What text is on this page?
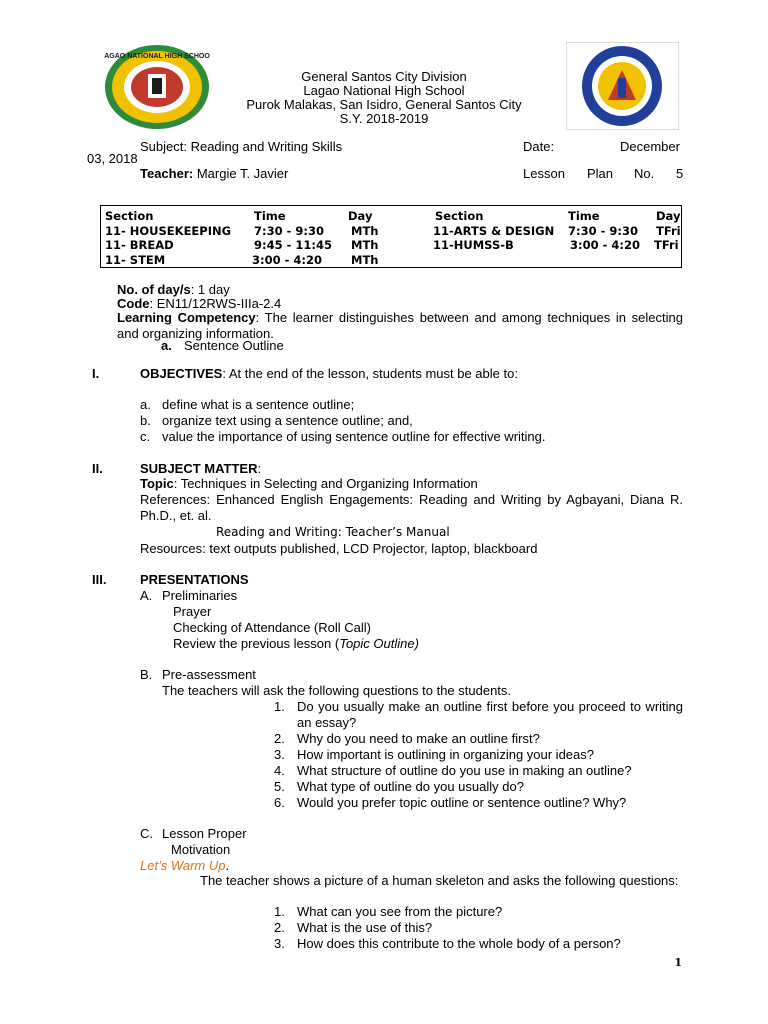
LAGAO NATIONAL HIGH SCHOOL
General Santos City Division
Lagao National High School
Purok Malakas, San Isidro, General Santos City
S.Y. 2018-2019
Subject: Reading and Writing Skills	Date:	December
03, 2018
Teacher: Margie T. Javier	Lesson Plan No. 5
Section	Time	Day	Section	Time	Day
11- HOUSEKEEPING 7:30 - 9:30 MTh	11-ARTS & DESIGN 7:30 - 9:30 TFri
11- BREAD	9:45 - 11:45 MTh	11-HUMSS-B	3:00 - 4:20 TFri
11- STEM	3:00 - 4:20	MTh
No. of day/s: 1 day
Code: EN11/12RWS-IIIa-2.4
Learning Competency: The learner distinguishes between and among techniques in selecting and organizing information.
a. Sentence Outline
I.	OBJECTIVES: At the end of the lesson, students must be able to:
a. define what is a sentence outline;
b. organize text using a sentence outline; and,
c. value the importance of using sentence outline for effective writing.
II.	SUBJECT MATTER:
Topic: Techniques in Selecting and Organizing Information
References: Enhanced English Engagements: Reading and Writing by Agbayani, Diana R. Ph.D., et. al.
Reading and Writing: Teacher’s Manual
Resources: text outputs published, LCD Projector, laptop, blackboard
III.	PRESENTATIONS
A. Preliminaries
Prayer
Checking of Attendance (Roll Call)
Review the previous lesson (Topic Outline)
B. Pre-assessment
The teachers will ask the following questions to the students.
1. Do you usually make an outline first before you proceed to writing an essay?
2. Why do you need to make an outline first?
3. How important is outlining in organizing your ideas?
4. What structure of outline do you use in making an outline?
5. What type of outline do you usually do?
6. Would you prefer topic outline or sentence outline? Why?
C. Lesson Proper
Motivation
Let’s Warm Up.
The teacher shows a picture of a human skeleton and asks the following questions:
1. What can you see from the picture?
2. What is the use of this?
3. How does this contribute to the whole body of a person?
1
